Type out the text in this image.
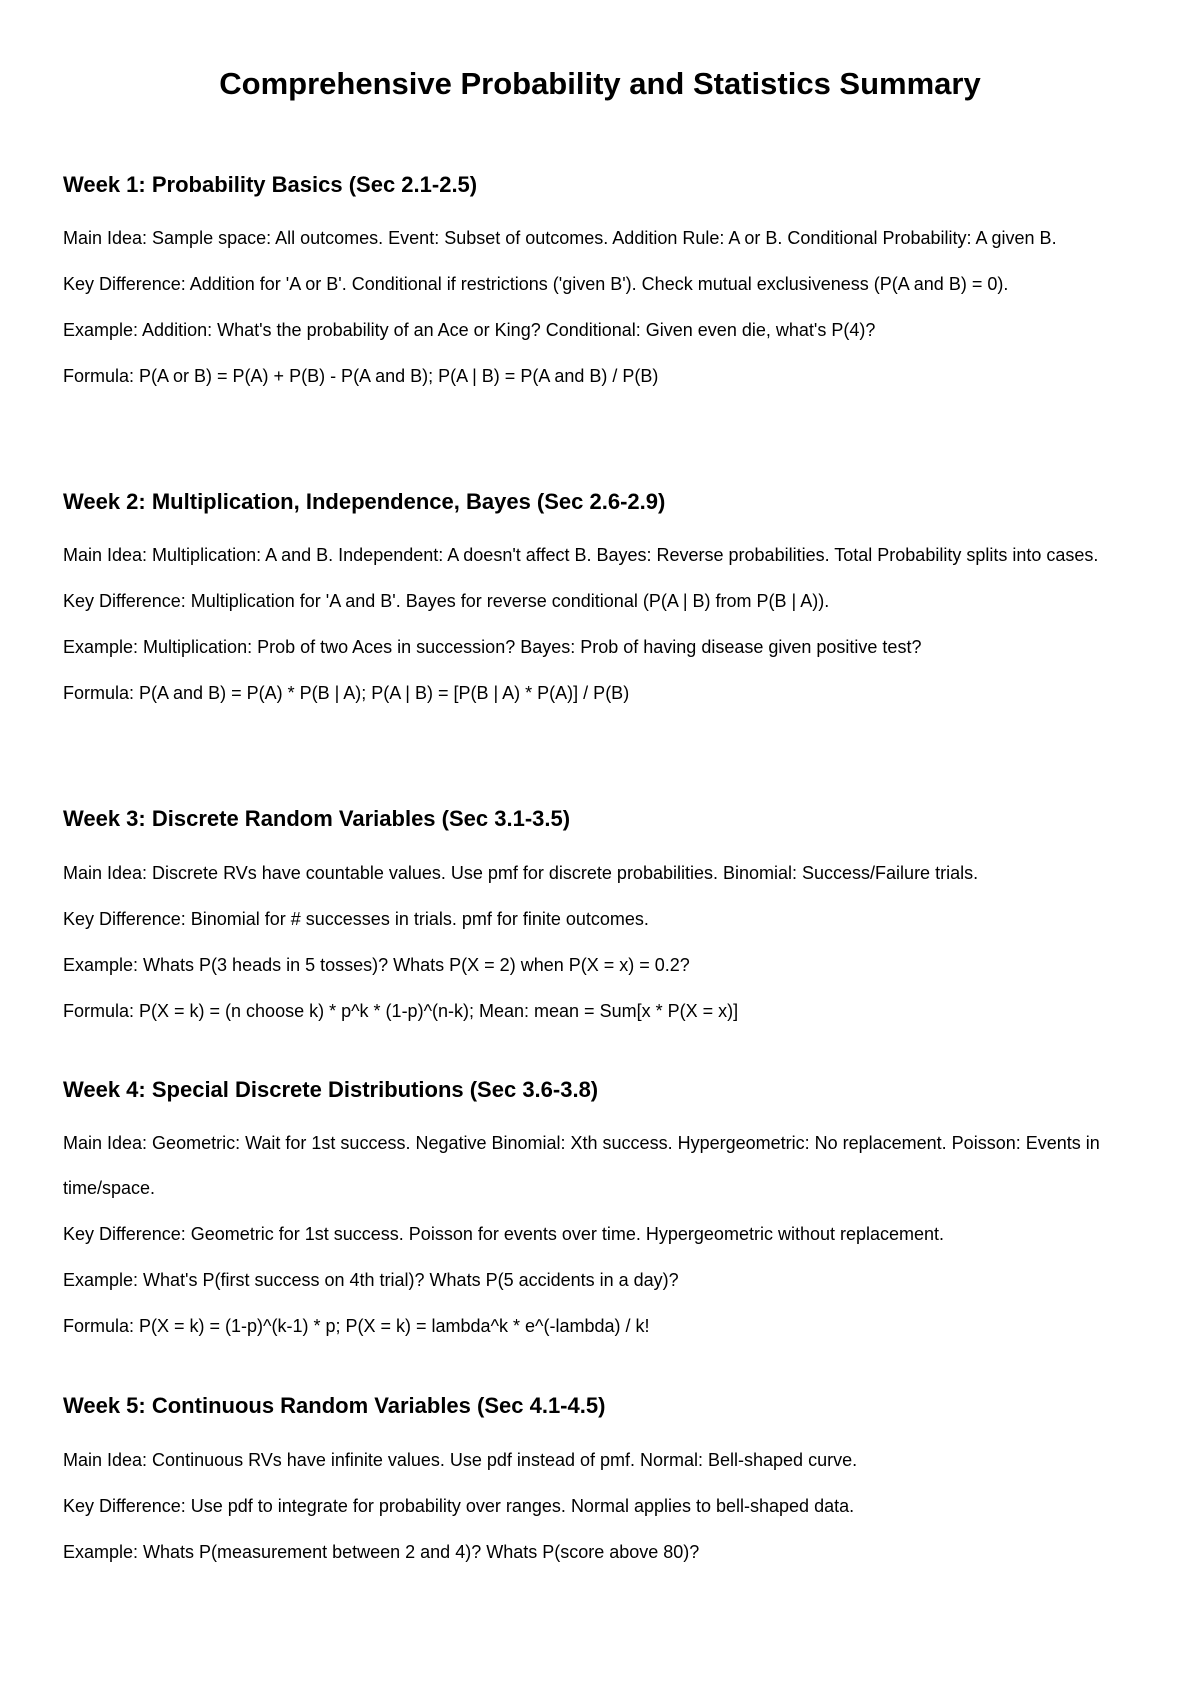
Comprehensive Probability and Statistics Summary
Week 1: Probability Basics (Sec 2.1-2.5)

Main Idea: Sample space: All outcomes. Event: Subset of outcomes. Addition Rule: A or B. Conditional Probability: A given B.

Key Difference: Addition for 'A or B'. Conditional if restrictions ('given B'). Check mutual exclusiveness (P(A and B) = 0).

Example: Addition: What's the probability of an Ace or King? Conditional: Given even die, what's P(4)?

Formula: P(A or B) = P(A) + P(B) - P(A and B); P(A | B) = P(A and B) / P(B)

Week 2: Multiplication, Independence, Bayes (Sec 2.6-2.9)

Main Idea: Multiplication: A and B. Independent: A doesn't affect B. Bayes: Reverse probabilities. Total Probability splits into cases.

Key Difference: Multiplication for 'A and B'. Bayes for reverse conditional (P(A | B) from P(B | A)).

Example: Multiplication: Prob of two Aces in succession? Bayes: Prob of having disease given positive test?

Formula: P(A and B) = P(A) * P(B | A); P(A | B) = [P(B | A) * P(A)] / P(B)

Week 3: Discrete Random Variables (Sec 3.1-3.5)

Main Idea: Discrete RVs have countable values. Use pmf for discrete probabilities. Binomial: Success/Failure trials.

Key Difference: Binomial for # successes in trials. pmf for finite outcomes.

Example: Whats P(3 heads in 5 tosses)? Whats P(X = 2) when P(X = x) = 0.2?

Formula: P(X = k) = (n choose k) * p^k * (1-p)^(n-k); Mean: mean = Sum[x * P(X = x)]

Week 4: Special Discrete Distributions (Sec 3.6-3.8)

Main Idea: Geometric: Wait for 1st success. Negative Binomial: Xth success. Hypergeometric: No replacement. Poisson: Events in time/space.

Key Difference: Geometric for 1st success. Poisson for events over time. Hypergeometric without replacement.

Example: What's P(first success on 4th trial)? Whats P(5 accidents in a day)?

Formula: P(X = k) = (1-p)^(k-1) * p; P(X = k) = lambda^k * e^(-lambda) / k!

Week 5: Continuous Random Variables (Sec 4.1-4.5)

Main Idea: Continuous RVs have infinite values. Use pdf instead of pmf. Normal: Bell-shaped curve.

Key Difference: Use pdf to integrate for probability over ranges. Normal applies to bell-shaped data.

Example: Whats P(measurement between 2 and 4)? Whats P(score above 80)?
